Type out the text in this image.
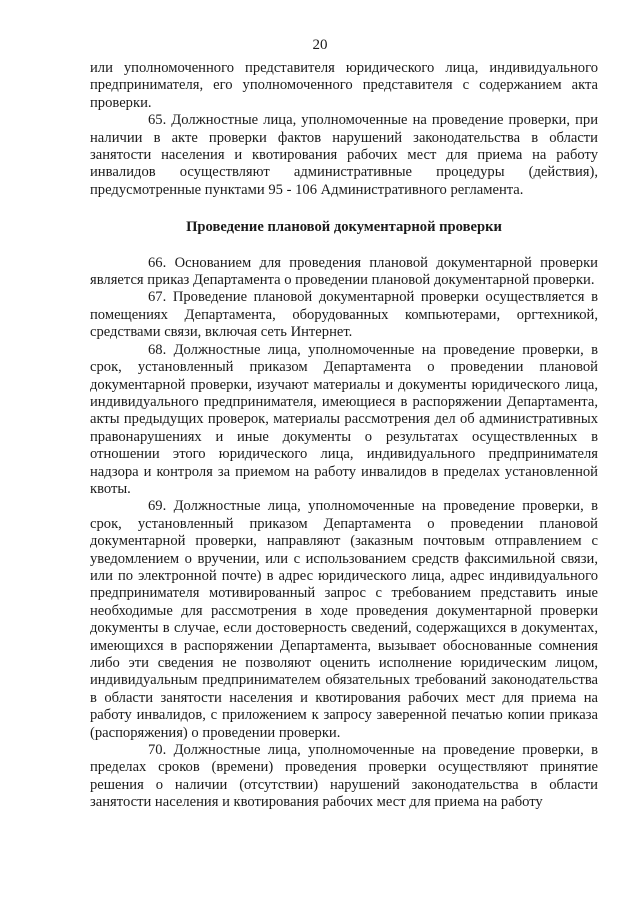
20

или уполномоченного представителя юридического лица, индивидуального предпринимателя, его уполномоченного представителя с содержанием акта проверки.

65. Должностные лица, уполномоченные на проведение проверки, при наличии в акте проверки фактов нарушений законодательства в области занятости населения и квотирования рабочих мест для приема на работу инвалидов осуществляют административные процедуры (действия), предусмотренные пунктами 95 - 106 Административного регламента.

Проведение плановой документарной проверки

66. Основанием для проведения плановой документарной проверки является приказ Департамента о проведении плановой документарной проверки.

67. Проведение плановой документарной проверки осуществляется в помещениях Департамента, оборудованных компьютерами, оргтехникой, средствами связи, включая сеть Интернет.

68. Должностные лица, уполномоченные на проведение проверки, в срок, установленный приказом Департамента о проведении плановой документарной проверки, изучают материалы и документы юридического лица, индивидуального предпринимателя, имеющиеся в распоряжении Департамента, акты предыдущих проверок, материалы рассмотрения дел об административных правонарушениях и иные документы о результатах осуществленных в отношении этого юридического лица, индивидуального предпринимателя надзора и контроля за приемом на работу инвалидов в пределах установленной квоты.

69. Должностные лица, уполномоченные на проведение проверки, в срок, установленный приказом Департамента о проведении плановой документарной проверки, направляют (заказным почтовым отправлением с уведомлением о вручении, или с использованием средств факсимильной связи, или по электронной почте) в адрес юридического лица, адрес индивидуального предпринимателя мотивированный запрос с требованием представить иные необходимые для рассмотрения в ходе проведения документарной проверки документы в случае, если достоверность сведений, содержащихся в документах, имеющихся в распоряжении Департамента, вызывает обоснованные сомнения либо эти сведения не позволяют оценить исполнение юридическим лицом, индивидуальным предпринимателем обязательных требований законодательства в области занятости населения и квотирования рабочих мест для приема на работу инвалидов, с приложением к запросу заверенной печатью копии приказа (распоряжения) о проведении проверки.

70. Должностные лица, уполномоченные на проведение проверки, в пределах сроков (времени) проведения проверки осуществляют принятие решения о наличии (отсутствии) нарушений законодательства в области занятости населения и квотирования рабочих мест для приема на работу
